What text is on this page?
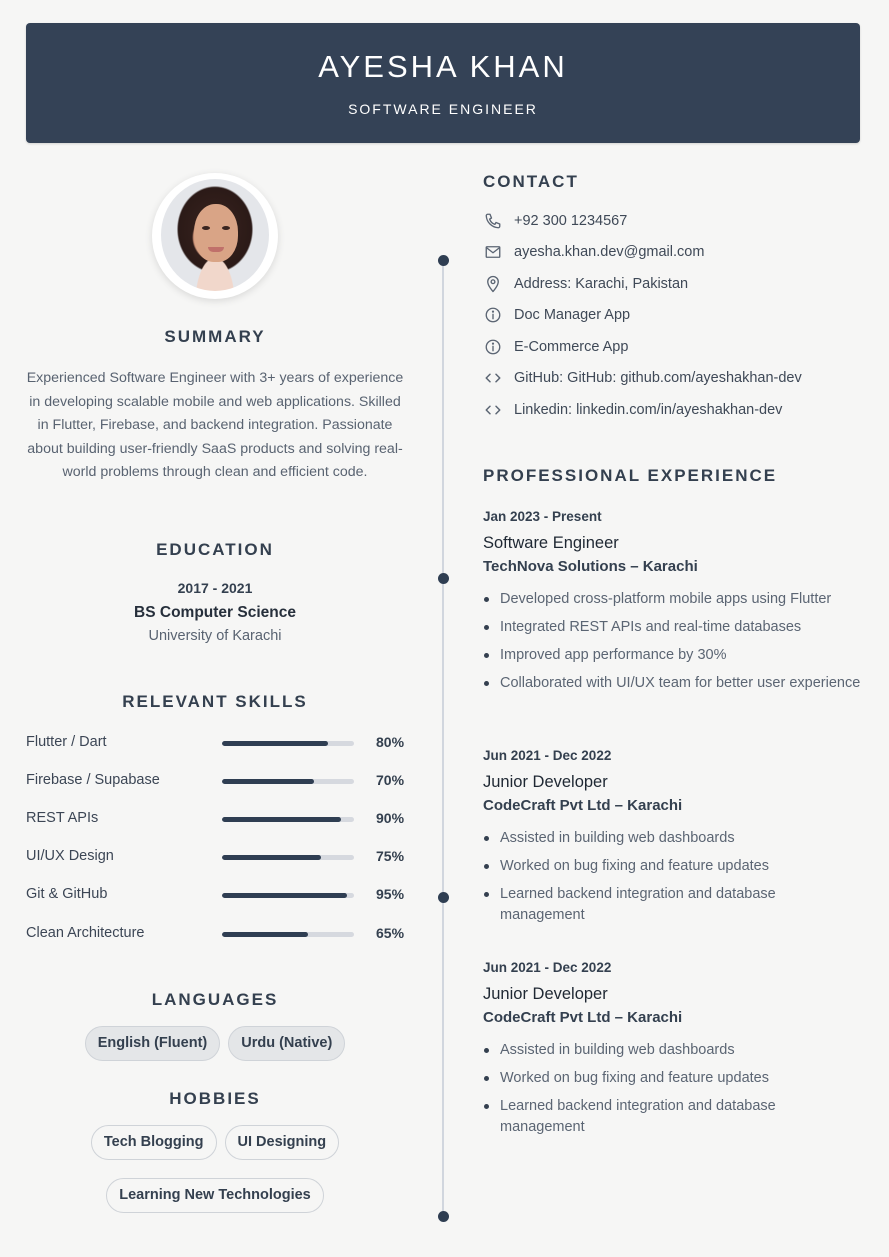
AYESHA KHAN
SOFTWARE ENGINEER
SUMMARY
Experienced Software Engineer with 3+ years of experience in developing scalable mobile and web applications. Skilled in Flutter, Firebase, and backend integration. Passionate about building user-friendly SaaS products and solving real-world problems through clean and efficient code.
EDUCATION
2017 - 2021
BS Computer Science
University of Karachi
RELEVANT SKILLS
Flutter / Dart	80%
Firebase / Supabase	70%
REST APIs	90%
UI/UX Design	75%
Git & GitHub	95%
Clean Architecture	65%
LANGUAGES
English (Fluent)	Urdu (Native)
HOBBIES
Tech Blogging	UI Designing
Learning New Technologies
CONTACT
+92 300 1234567
ayesha.khan.dev@gmail.com
Address: Karachi, Pakistan
Doc Manager App
E-Commerce App
GitHub: GitHub: github.com/ayeshakhan-dev
Linkedin: linkedin.com/in/ayeshakhan-dev
PROFESSIONAL EXPERIENCE
Jan 2023 - Present
Software Engineer
TechNova Solutions – Karachi
Developed cross-platform mobile apps using Flutter
Integrated REST APIs and real-time databases
Improved app performance by 30%
Collaborated with UI/UX team for better user experience
Jun 2021 - Dec 2022
Junior Developer
CodeCraft Pvt Ltd – Karachi
Assisted in building web dashboards
Worked on bug fixing and feature updates
Learned backend integration and database management
Jun 2021 - Dec 2022
Junior Developer
CodeCraft Pvt Ltd – Karachi
Assisted in building web dashboards
Worked on bug fixing and feature updates
Learned backend integration and database management
